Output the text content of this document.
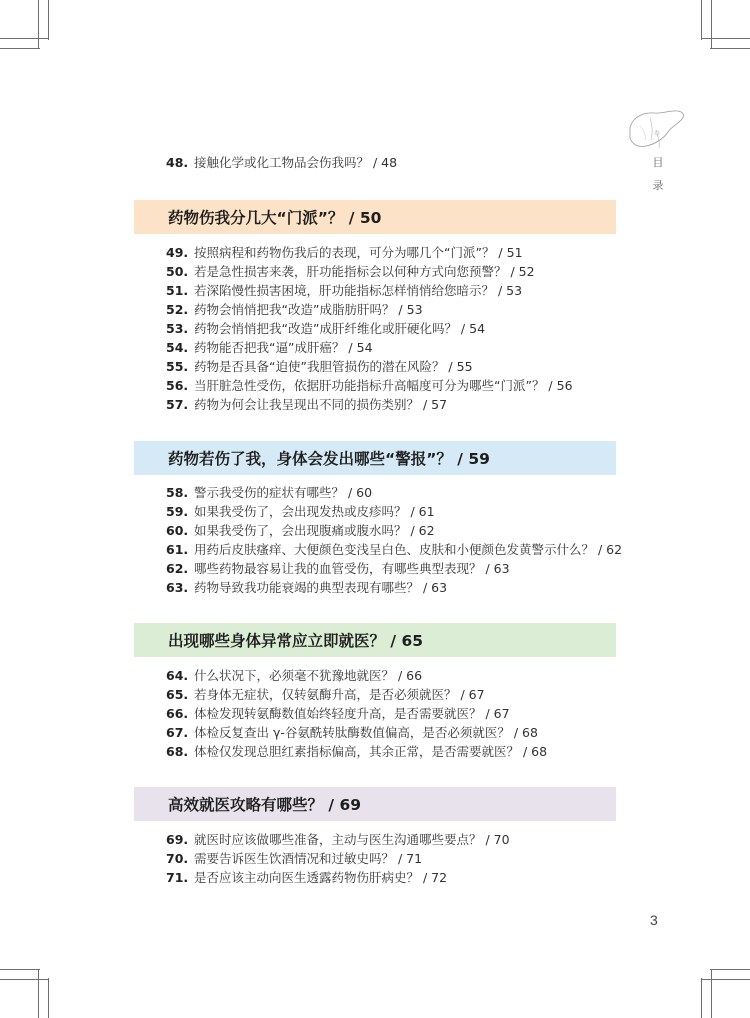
目
录
48. 接触化学或化工物品会伤我吗？ / 48
药物伤我分几大“门派”？ / 50
49. 按照病程和药物伤我后的表现，可分为哪几个“门派”？ / 51
50. 若是急性损害来袭，肝功能指标会以何种方式向您预警？ / 52
51. 若深陷慢性损害困境，肝功能指标怎样悄悄给您暗示？ / 53
52. 药物会悄悄把我“改造”成脂肪肝吗？ / 53
53. 药物会悄悄把我“改造”成肝纤维化或肝硬化吗？ / 54
54. 药物能否把我“逼”成肝癌？ / 54
55. 药物是否具备“迫使”我胆管损伤的潜在风险？ / 55
56. 当肝脏急性受伤，依据肝功能指标升高幅度可分为哪些“门派”？ / 56
57. 药物为何会让我呈现出不同的损伤类别？ / 57
药物若伤了我，身体会发出哪些“警报”？ / 59
58. 警示我受伤的症状有哪些？ / 60
59. 如果我受伤了，会出现发热或皮疹吗？ / 61
60. 如果我受伤了，会出现腹痛或腹水吗？ / 62
61. 用药后皮肤瘙痒、大便颜色变浅呈白色、皮肤和小便颜色发黄警示什么？ / 62
62. 哪些药物最容易让我的血管受伤，有哪些典型表现？ / 63
63. 药物导致我功能衰竭的典型表现有哪些？ / 63
出现哪些身体异常应立即就医？ / 65
64. 什么状况下，必须毫不犹豫地就医？ / 66
65. 若身体无症状，仅转氨酶升高，是否必须就医？ / 67
66. 体检发现转氨酶数值始终轻度升高，是否需要就医？ / 67
67. 体检反复查出 γ-谷氨酰转肽酶数值偏高，是否必须就医？ / 68
68. 体检仅发现总胆红素指标偏高，其余正常，是否需要就医？ / 68
高效就医攻略有哪些？ / 69
69. 就医时应该做哪些准备，主动与医生沟通哪些要点？ / 70
70. 需要告诉医生饮酒情况和过敏史吗？ / 71
71. 是否应该主动向医生透露药物伤肝病史？ / 72
3
